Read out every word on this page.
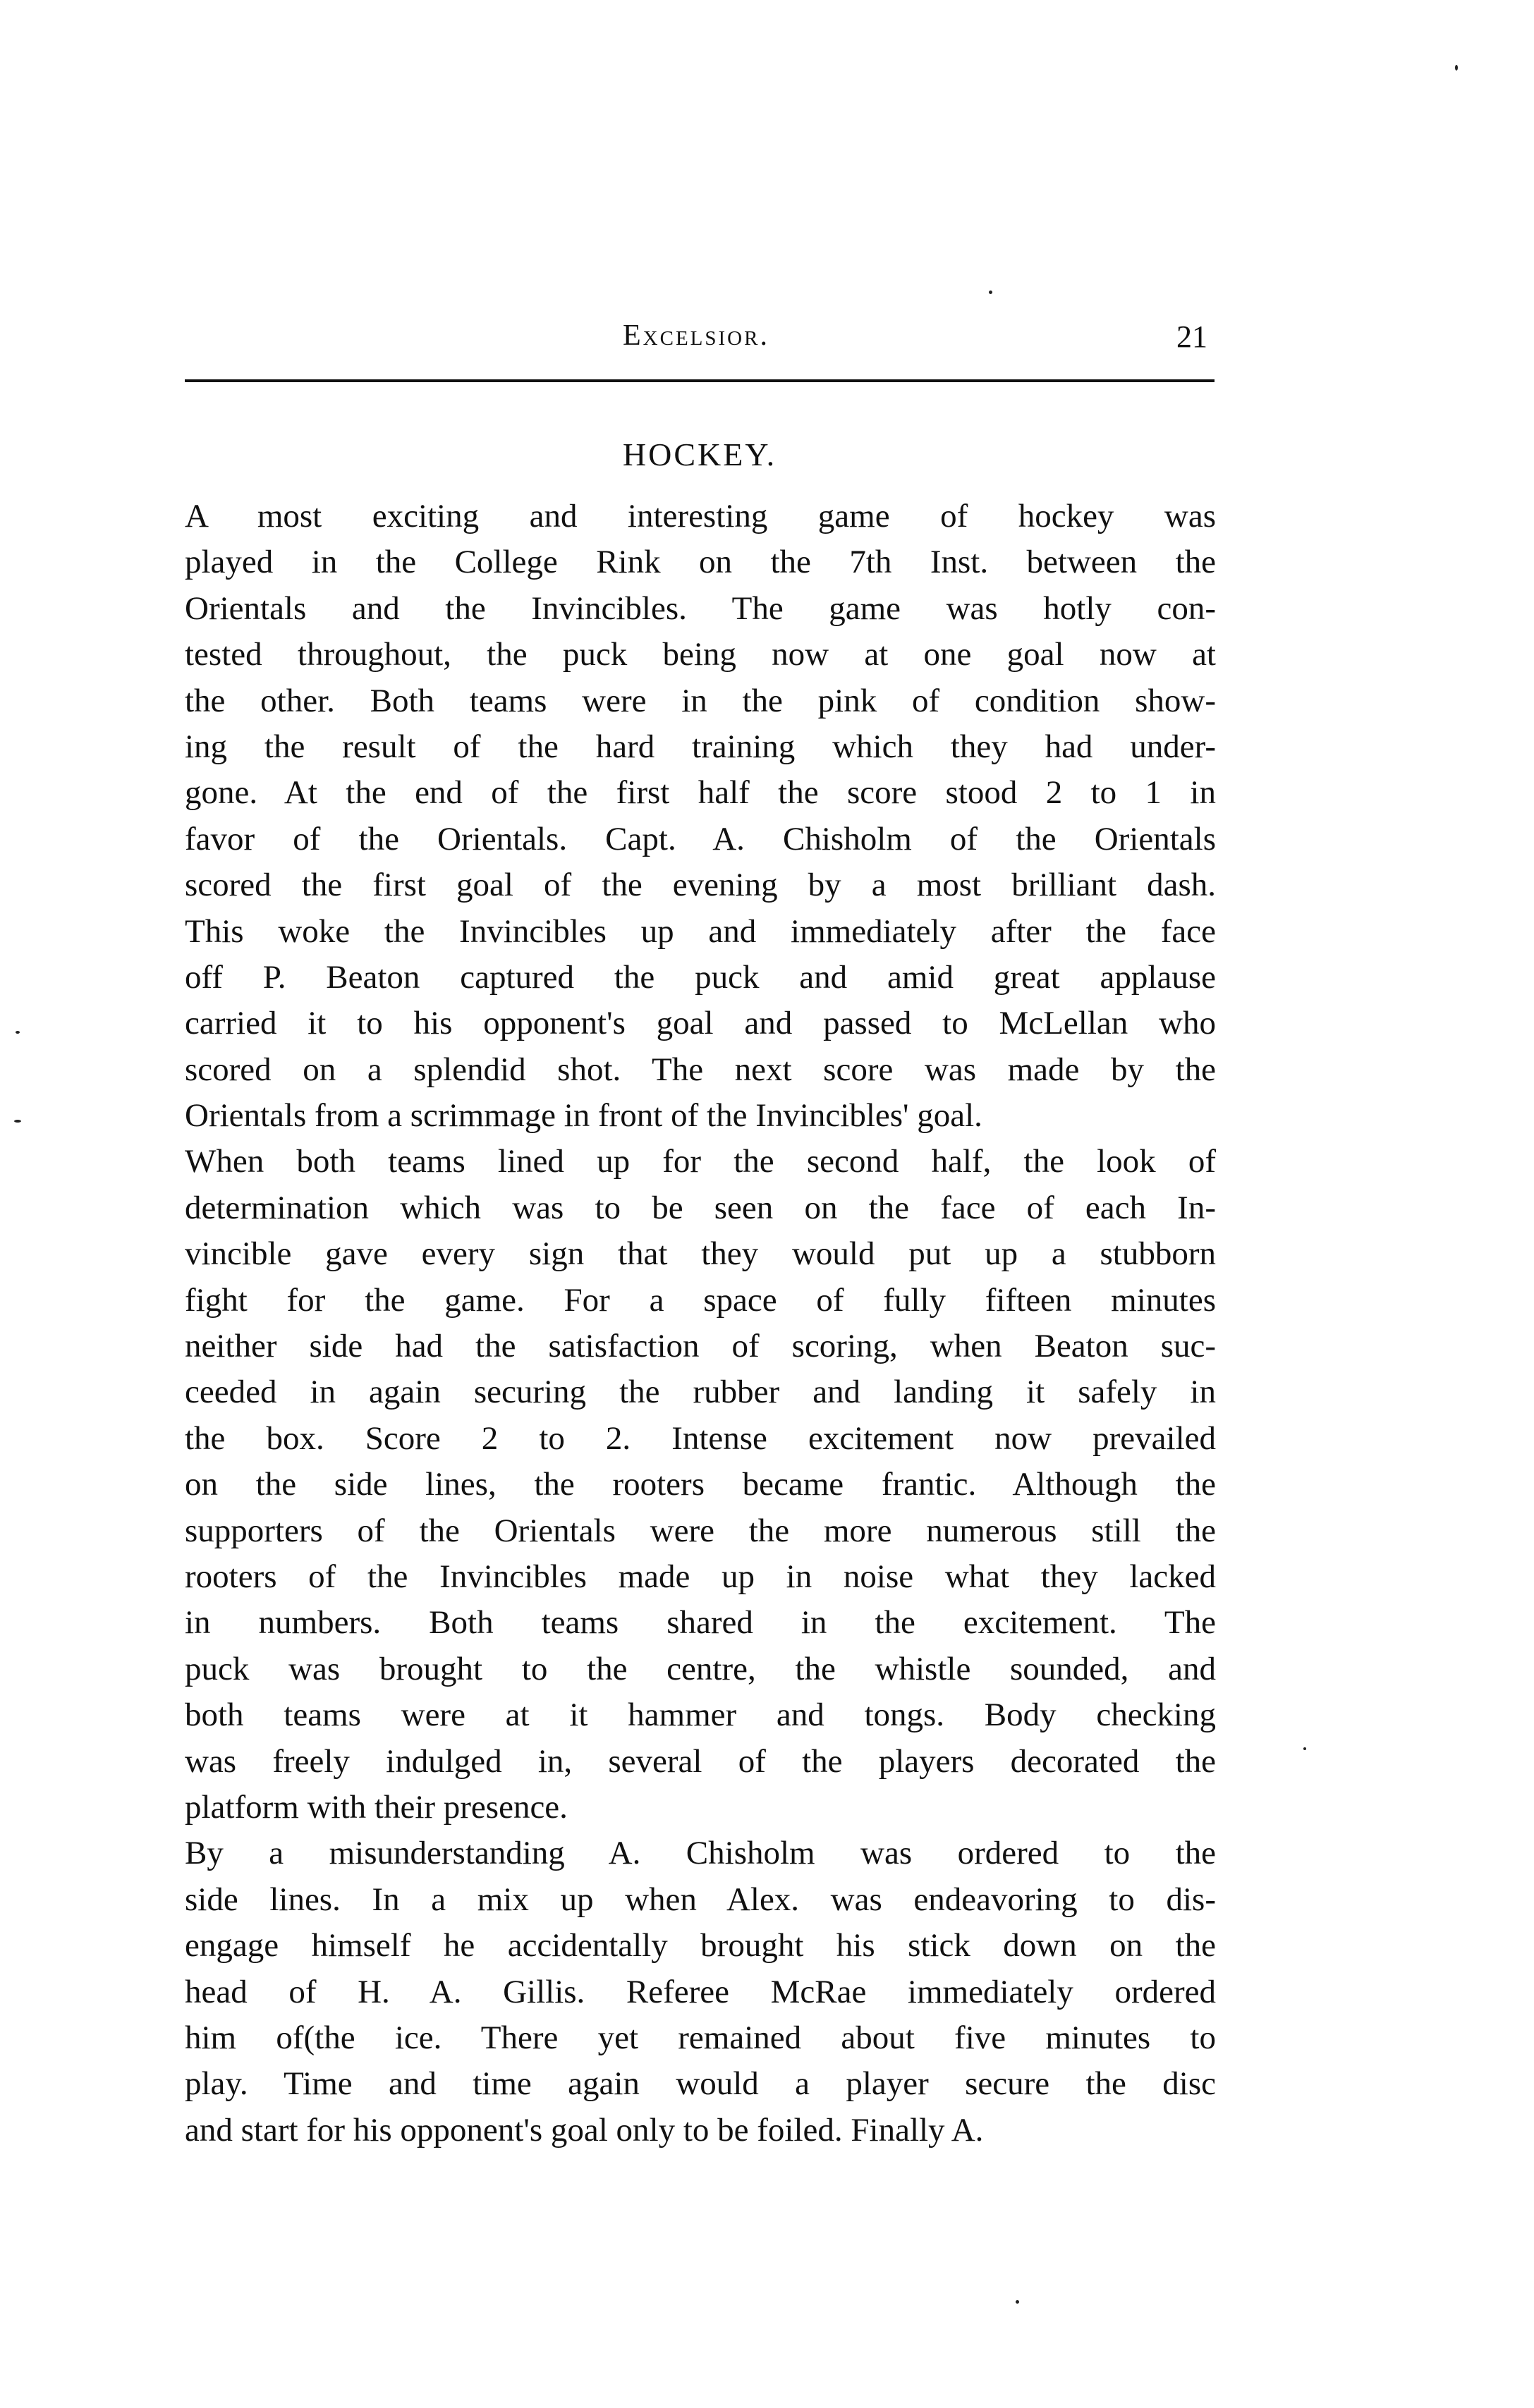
Excelsior.	21
HOCKEY.
A most exciting and interesting game of hockey was
played in the College Rink on the 7th Inst. between the
Orientals and the Invincibles. The game was hotly con-
tested throughout, the puck being now at one goal now at
the other. Both teams were in the pink of condition show-
ing the result of the hard training which they had under-
gone. At the end of the first half the score stood 2 to 1 in
favor of the Orientals. Capt. A. Chisholm of the Orientals
scored the first goal of the evening by a most brilliant dash.
This woke the Invincibles up and immediately after the face
off P. Beaton captured the puck and amid great applause
carried it to his opponent's goal and passed to McLellan who
scored on a splendid shot. The next score was made by the
Orientals from a scrimmage in front of the Invincibles' goal.
When both teams lined up for the second half, the look of
determination which was to be seen on the face of each In-
vincible gave every sign that they would put up a stubborn
fight for the game. For a space of fully fifteen minutes
neither side had the satisfaction of scoring, when Beaton suc-
ceeded in again securing the rubber and landing it safely in
the box. Score 2 to 2. Intense excitement now prevailed
on the side lines, the rooters became frantic. Although the
supporters of the Orientals were the more numerous still the
rooters of the Invincibles made up in noise what they lacked
in numbers. Both teams shared in the excitement. The
puck was brought to the centre, the whistle sounded, and
both teams were at it hammer and tongs. Body checking
was freely indulged in, several of the players decorated the
platform with their presence.
By a misunderstanding A. Chisholm was ordered to the
side lines. In a mix up when Alex. was endeavoring to dis-
engage himself he accidentally brought his stick down on the
head of H. A. Gillis. Referee McRae immediately ordered
him of(the ice. There yet remained about five minutes to
play. Time and time again would a player secure the disc
and start for his opponent's goal only to be foiled. Finally A.
